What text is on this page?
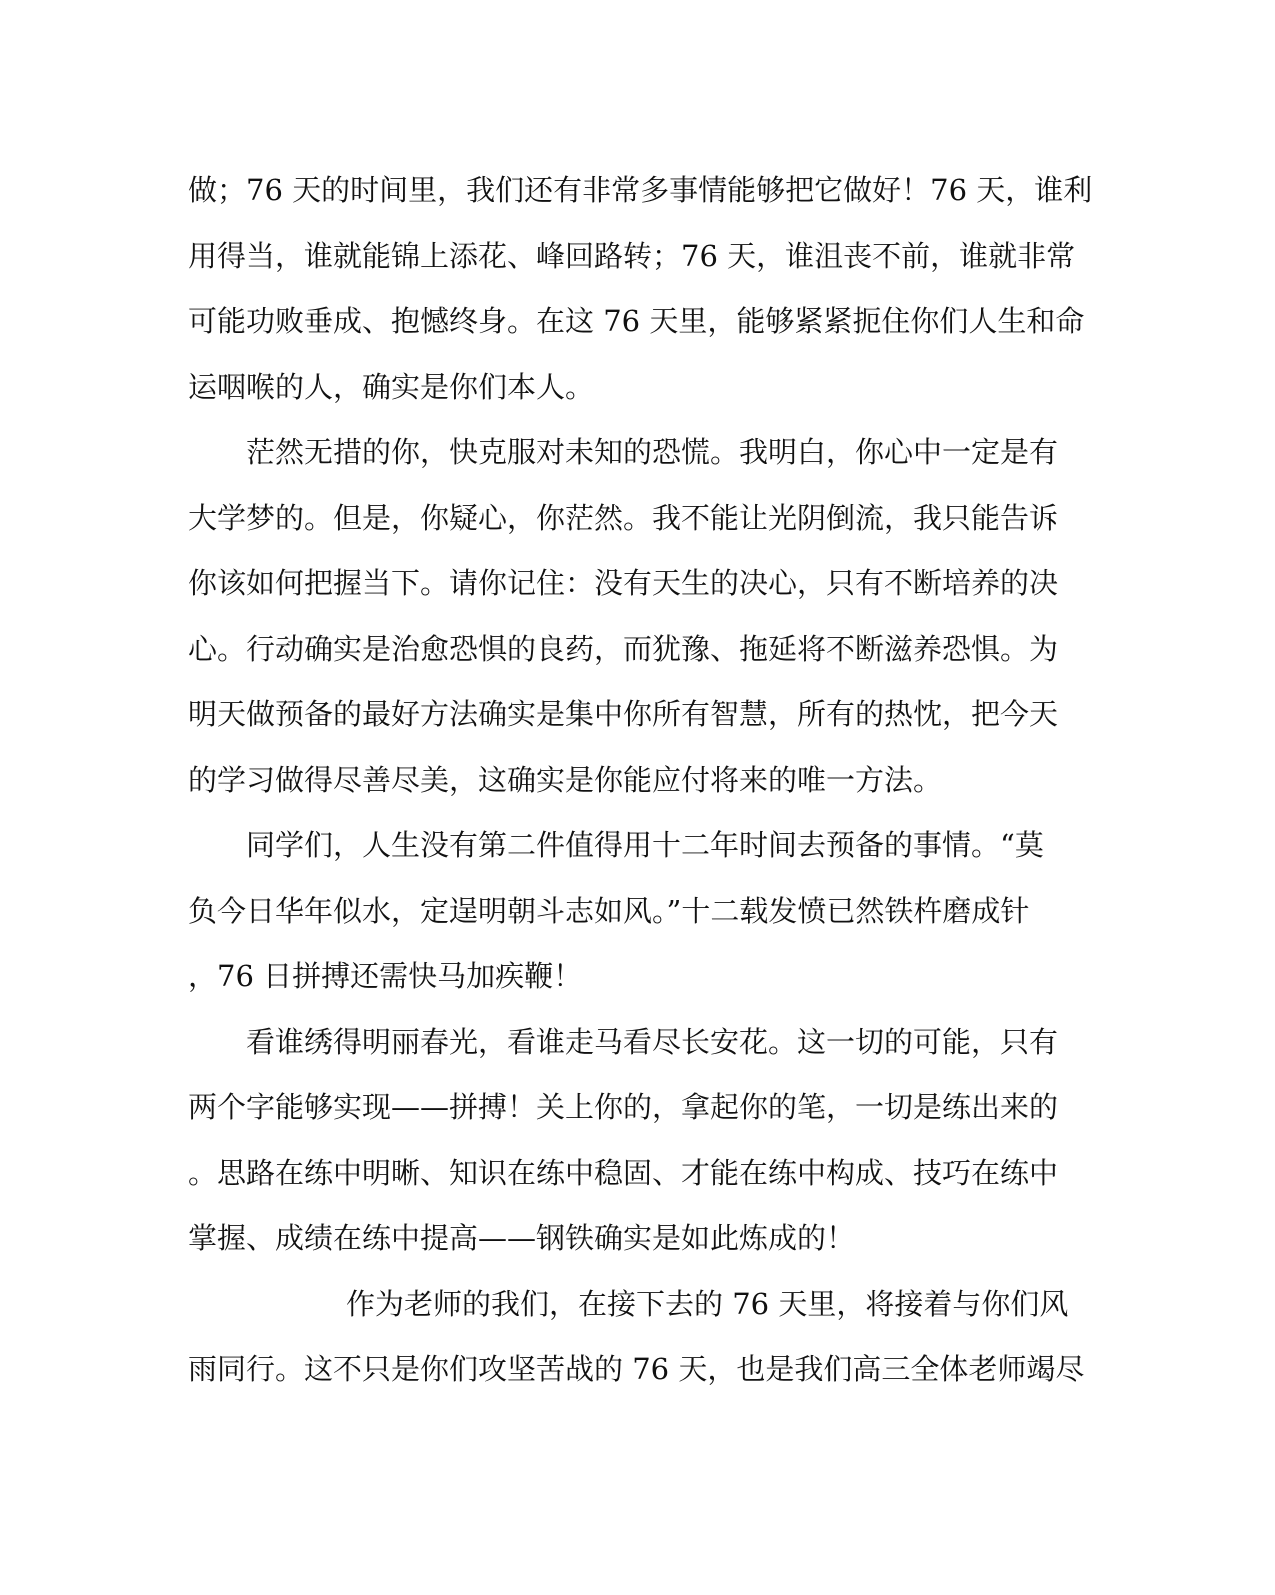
做；76 天的时间里，我们还有非常多事情能够把它做好！76 天，谁利
用得当，谁就能锦上添花、峰回路转；76 天，谁沮丧不前，谁就非常
可能功败垂成、抱憾终身。在这 76 天里，能够紧紧扼住你们人生和命
运咽喉的人，确实是你们本人。
茫然无措的你，快克服对未知的恐慌。我明白，你心中一定是有
大学梦的。但是，你疑心，你茫然。我不能让光阴倒流，我只能告诉
你该如何把握当下。请你记住：没有天生的决心，只有不断培养的决
心。行动确实是治愈恐惧的良药，而犹豫、拖延将不断滋养恐惧。为
明天做预备的最好方法确实是集中你所有智慧，所有的热忱，把今天
的学习做得尽善尽美，这确实是你能应付将来的唯一方法。
同学们，人生没有第二件值得用十二年时间去预备的事情。“莫
负今日华年似水，定逞明朝斗志如风。”十二载发愤已然铁杵磨成针
，76 日拼搏还需快马加疾鞭！
看谁绣得明丽春光，看谁走马看尽长安花。这一切的可能，只有
两个字能够实现——拼搏！关上你的，拿起你的笔，一切是练出来的
。思路在练中明晰、知识在练中稳固、才能在练中构成、技巧在练中
掌握、成绩在练中提高——钢铁确实是如此炼成的！
作为老师的我们，在接下去的 76 天里，将接着与你们风
雨同行。这不只是你们攻坚苦战的 76 天，也是我们高三全体老师竭尽
